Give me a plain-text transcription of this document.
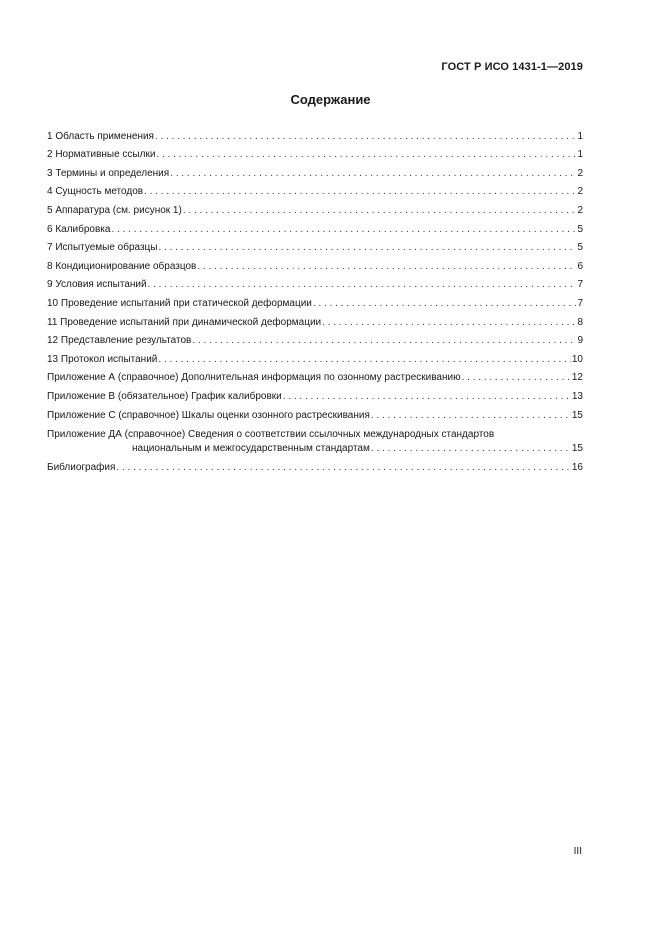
ГОСТ Р ИСО 1431-1—2019
Содержание
1 Область применения . . .	1
2 Нормативные ссылки . . .	1
3 Термины и определения . . .	2
4 Сущность методов . . .	2
5 Аппаратура (см. рисунок 1) . . .	2
6 Калибровка . . .	5
7 Испытуемые образцы . . .	5
8 Кондиционирование образцов . . .	6
9 Условия испытаний . . .	7
10 Проведение испытаний при статической деформации . . .	7
11 Проведение испытаний при динамической деформации . . .	8
12 Представление результатов . . .	9
13 Протокол испытаний . . .	10
Приложение А (справочное) Дополнительная информация по озонному растрескиванию . . .	12
Приложение В (обязательное) График калибровки . . .	13
Приложение С (справочное) Шкалы оценки озонного растрескивания . . .	15
Приложение ДА (справочное) Сведения о соответствии ссылочных международных стандартов
национальным и межгосударственным стандартам . . .	15
Библиография . . .	16
III
